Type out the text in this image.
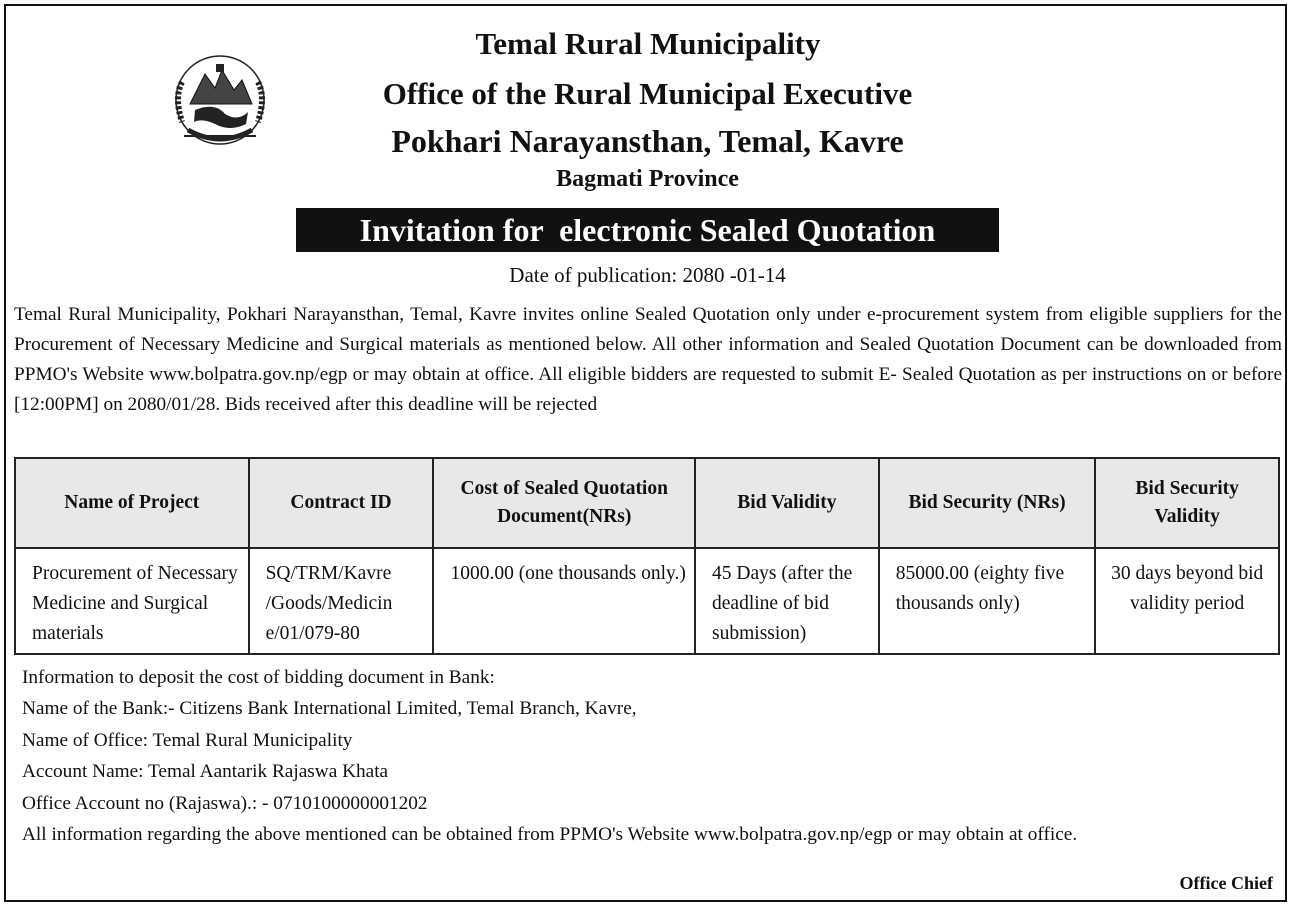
Temal Rural Municipality
Office of the Rural Municipal Executive
Pokhari Narayansthan, Temal, Kavre
Bagmati Province
Invitation for  electronic Sealed Quotation
Date of publication: 2080 -01-14
Temal Rural Municipality, Pokhari Narayansthan, Temal, Kavre invites online Sealed Quotation only under e-procurement system from eligible suppliers for the Procurement of Necessary Medicine and Surgical materials as mentioned below. All other information and Sealed Quotation Document can be downloaded from PPMO's Website www.bolpatra.gov.np/egp or may obtain at office. All eligible bidders are requested to submit E- Sealed Quotation as per instructions on or before [12:00PM] on 2080/01/28. Bids received after this deadline will be rejected
Name of Project	Contract ID	Cost of Sealed Quotation Document(NRs)	Bid Validity	Bid Security (NRs)	Bid Security Validity
Procurement of Necessary Medicine and Surgical materials	SQ/TRM/Kavre /Goods/Medicin e/01/079-80	1000.00 (one thousands only.)	45 Days (after the deadline of bid submission)	85000.00 (eighty five thousands only)	30 days beyond bid validity period
Information to deposit the cost of bidding document in Bank:
Name of the Bank:- Citizens Bank International Limited, Temal Branch, Kavre,
Name of Office: Temal Rural Municipality
Account Name: Temal Aantarik Rajaswa Khata
Office Account no (Rajaswa).: - 0710100000001202
All information regarding the above mentioned can be obtained from PPMO's Website www.bolpatra.gov.np/egp or may obtain at office.
Office Chief
